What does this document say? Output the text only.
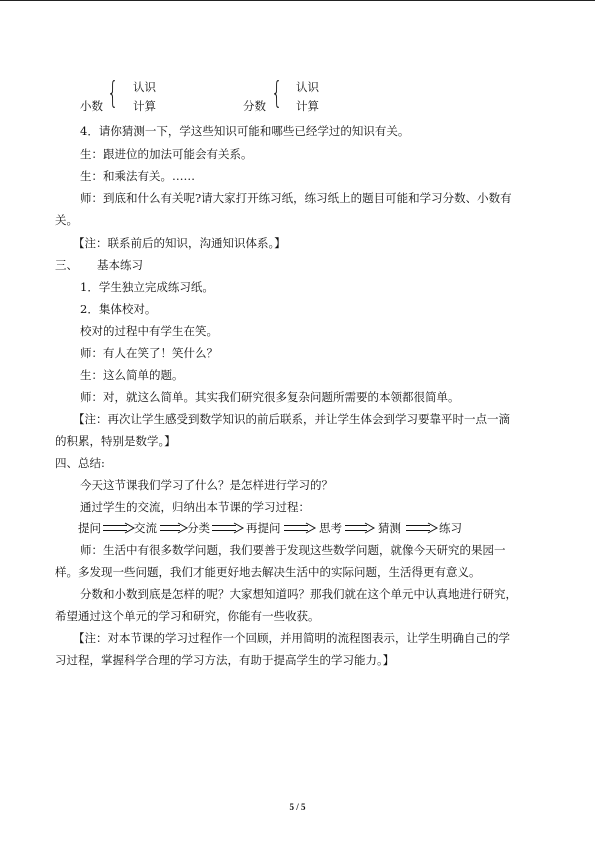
小数 { 认识
计算	分数 { 认识
计算
4．请你猜测一下，学这些知识可能和哪些已经学过的知识有关。
生：跟进位的加法可能会有关系。
生：和乘法有关。……
师：到底和什么有关呢?请大家打开练习纸，练习纸上的题目可能和学习分数、小数有
关。
【注：联系前后的知识，沟通知识体系。】
三、 基本练习
1．学生独立完成练习纸。
2．集体校对。
校对的过程中有学生在笑。
师：有人在笑了！笑什么？
生：这么简单的题。
师：对，就这么简单。其实我们研究很多复杂问题所需要的本领都很简单。
【注：再次让学生感受到数学知识的前后联系，并让学生体会到学习要靠平时一点一滴
的积累，特别是数学。】
四、总结:
今天这节课我们学习了什么？是怎样进行学习的？
通过学生的交流，归纳出本节课的学习过程：
提问	交流	分类	再提问	思考	猜测	练习
师：生活中有很多数学问题，我们要善于发现这些数学问题，就像今天研究的果园一
样。多发现一些问题，我们才能更好地去解决生活中的实际问题，生活得更有意义。
分数和小数到底是怎样的呢？大家想知道吗？那我们就在这个单元中认真地进行研究，
希望通过这个单元的学习和研究，你能有一些收获。
【注：对本节课的学习过程作一个回顾，并用简明的流程图表示，让学生明确自己的学
习过程，掌握科学合理的学习方法，有助于提高学生的学习能力。】
5 / 5
